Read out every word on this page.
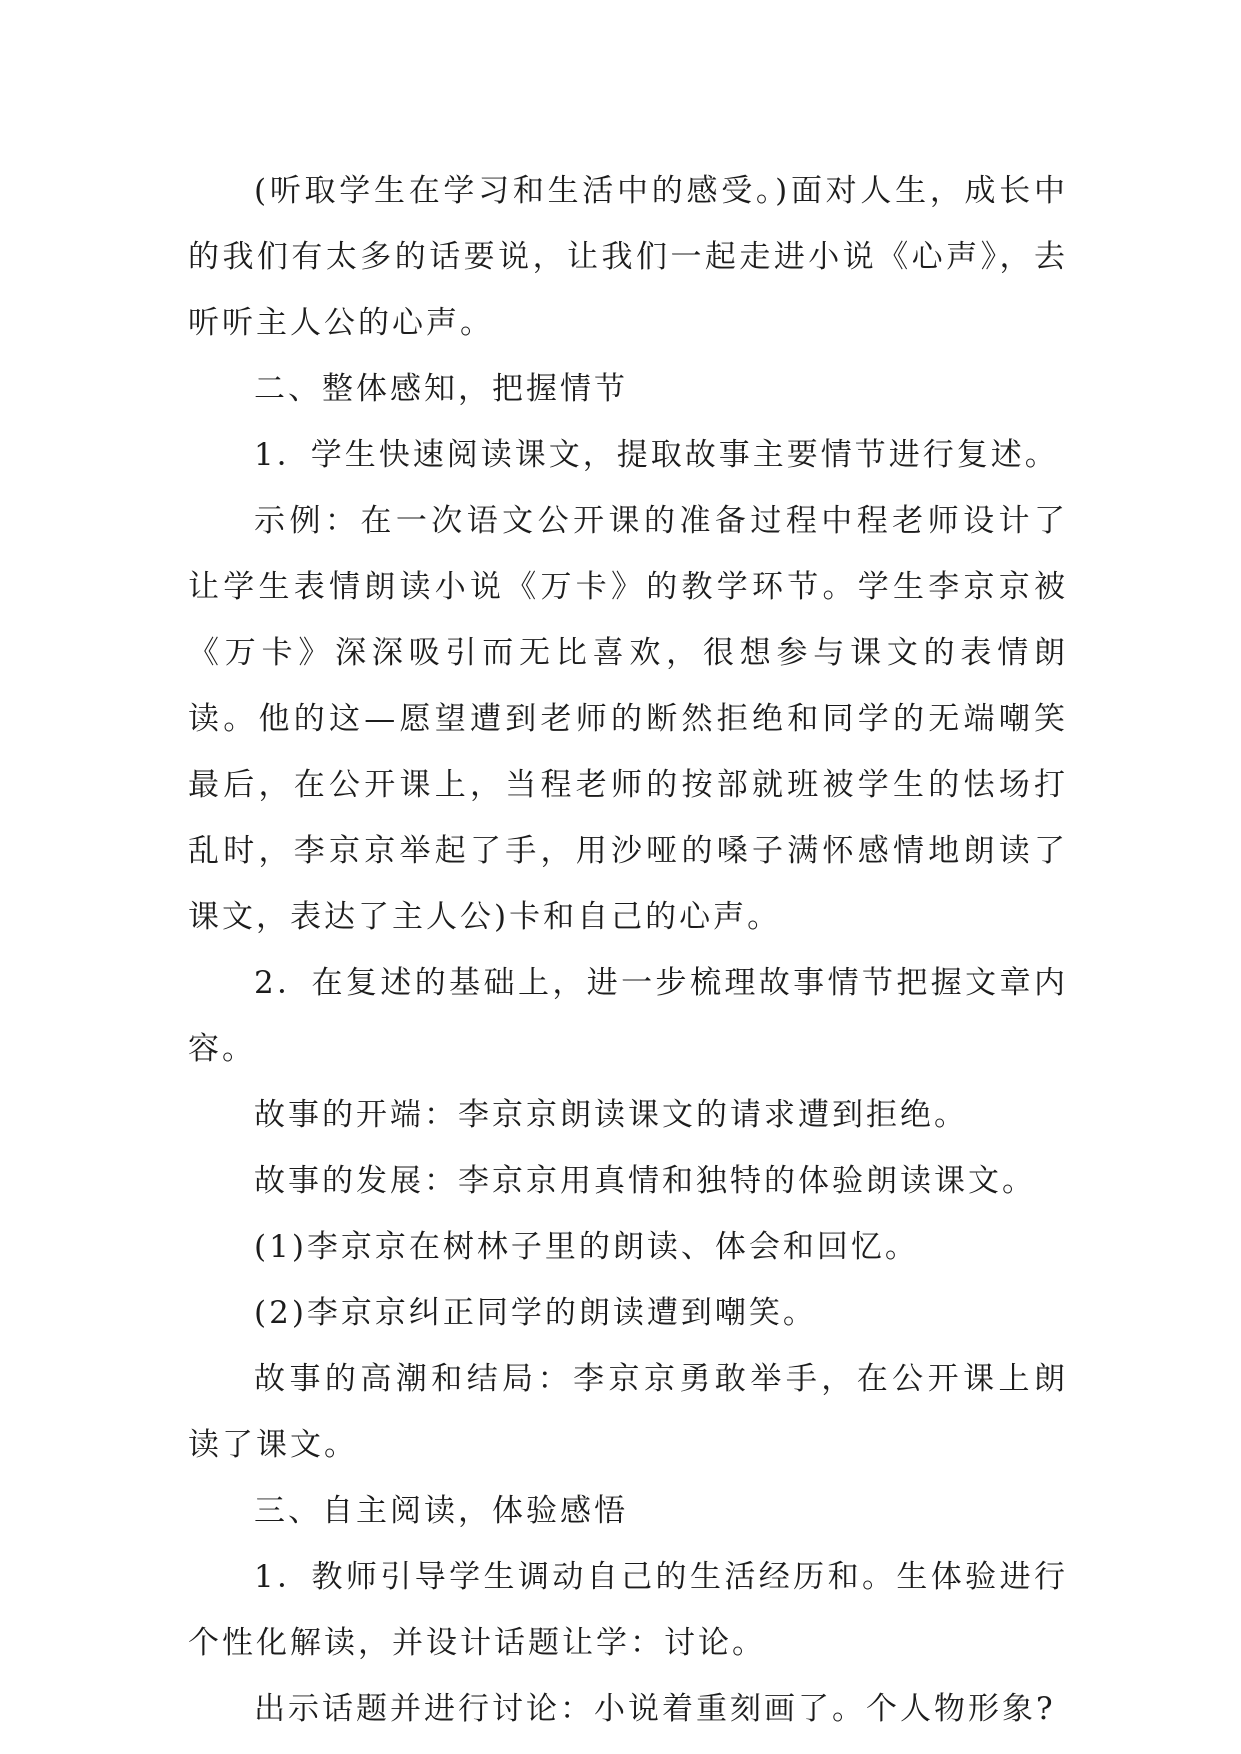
(听取学生在学习和生活中的感受。)面对人生，成长中的我们有太多的话要说，让我们一起走进小说《心声》，去听听主人公的心声。

二、整体感知，把握情节

1．学生快速阅读课文，提取故事主要情节进行复述。

示例：在一次语文公开课的准备过程中程老师设计了让学生表情朗读小说《万卡》的教学环节。学生李京京被《万卡》深深吸引而无比喜欢，很想参与课文的表情朗读。他的这—愿望遭到老师的断然拒绝和同学的无端嘲笑最后，在公开课上，当程老师的按部就班被学生的怯场打乱时，李京京举起了手，用沙哑的嗓子满怀感情地朗读了课文，表达了主人公)卡和自己的心声。

2．在复述的基础上，进一步梳理故事情节把握文章内容。

故事的开端：李京京朗读课文的请求遭到拒绝。

故事的发展：李京京用真情和独特的体验朗读课文。

(1)李京京在树林子里的朗读、体会和回忆。

(2)李京京纠正同学的朗读遭到嘲笑。

故事的高潮和结局：李京京勇敢举手，在公开课上朗读了课文。

三、自主阅读，体验感悟

1．教师引导学生调动自己的生活经历和。生体验进行个性化解读，并设计话题让学：讨论。

出示话题并进行讨论：小说着重刻画了。个人物形象?
